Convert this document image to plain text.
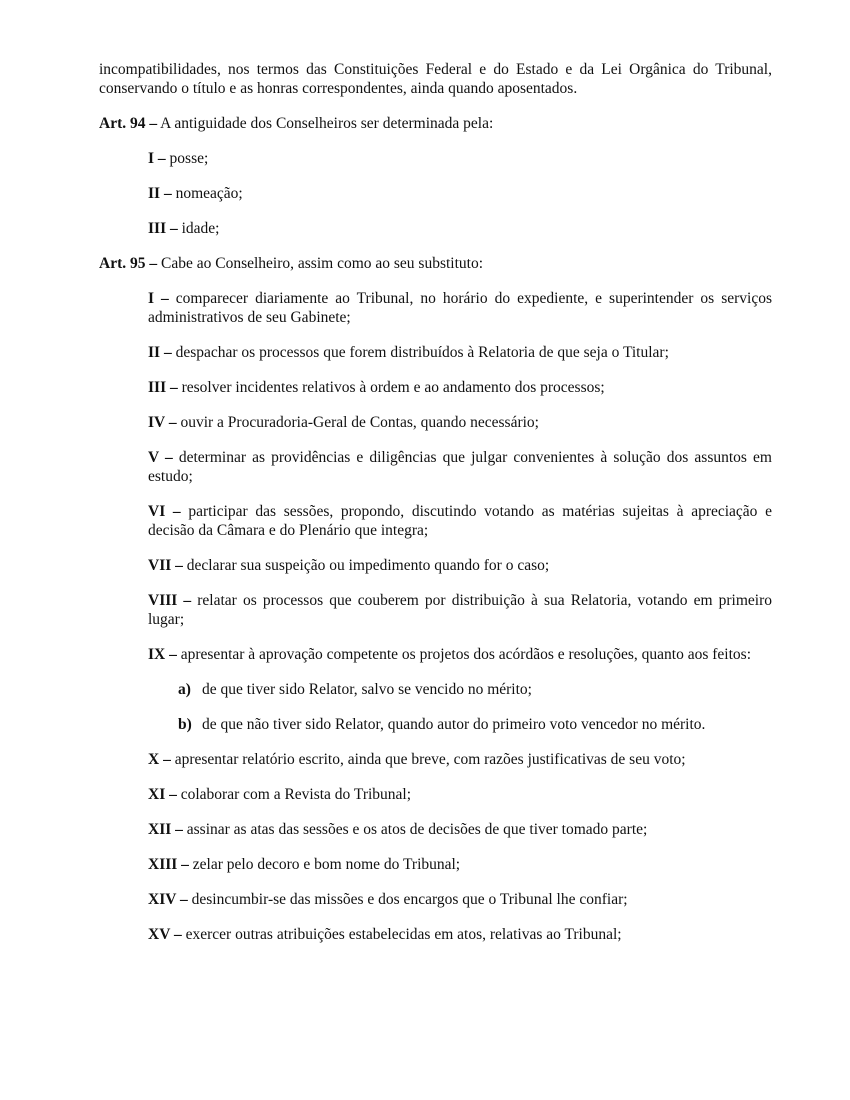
incompatibilidades, nos termos das Constituições Federal e do Estado e da Lei Orgânica do Tribunal, conservando o título e as honras correspondentes, ainda quando aposentados.

Art. 94 – A antiguidade dos Conselheiros ser determinada pela:

I – posse;

II – nomeação;

III – idade;

Art. 95 – Cabe ao Conselheiro, assim como ao seu substituto:

I – comparecer diariamente ao Tribunal, no horário do expediente, e superintender os serviços administrativos de seu Gabinete;

II – despachar os processos que forem distribuídos à Relatoria de que seja o Titular;

III – resolver incidentes relativos à ordem e ao andamento dos processos;

IV – ouvir a Procuradoria-Geral de Contas, quando necessário;

V – determinar as providências e diligências que julgar convenientes à solução dos assuntos em estudo;

VI – participar das sessões, propondo, discutindo votando as matérias sujeitas à apreciação e decisão da Câmara e do Plenário que integra;

VII – declarar sua suspeição ou impedimento quando for o caso;

VIII – relatar os processos que couberem por distribuição à sua Relatoria, votando em primeiro lugar;

IX – apresentar à aprovação competente os projetos dos acórdãos e resoluções, quanto aos feitos:

a) de que tiver sido Relator, salvo se vencido no mérito;

b) de que não tiver sido Relator, quando autor do primeiro voto vencedor no mérito.

X – apresentar relatório escrito, ainda que breve, com razões justificativas de seu voto;

XI – colaborar com a Revista do Tribunal;

XII – assinar as atas das sessões e os atos de decisões de que tiver tomado parte;

XIII – zelar pelo decoro e bom nome do Tribunal;

XIV – desincumbir-se das missões e dos encargos que o Tribunal lhe confiar;

XV – exercer outras atribuições estabelecidas em atos, relativas ao Tribunal;
